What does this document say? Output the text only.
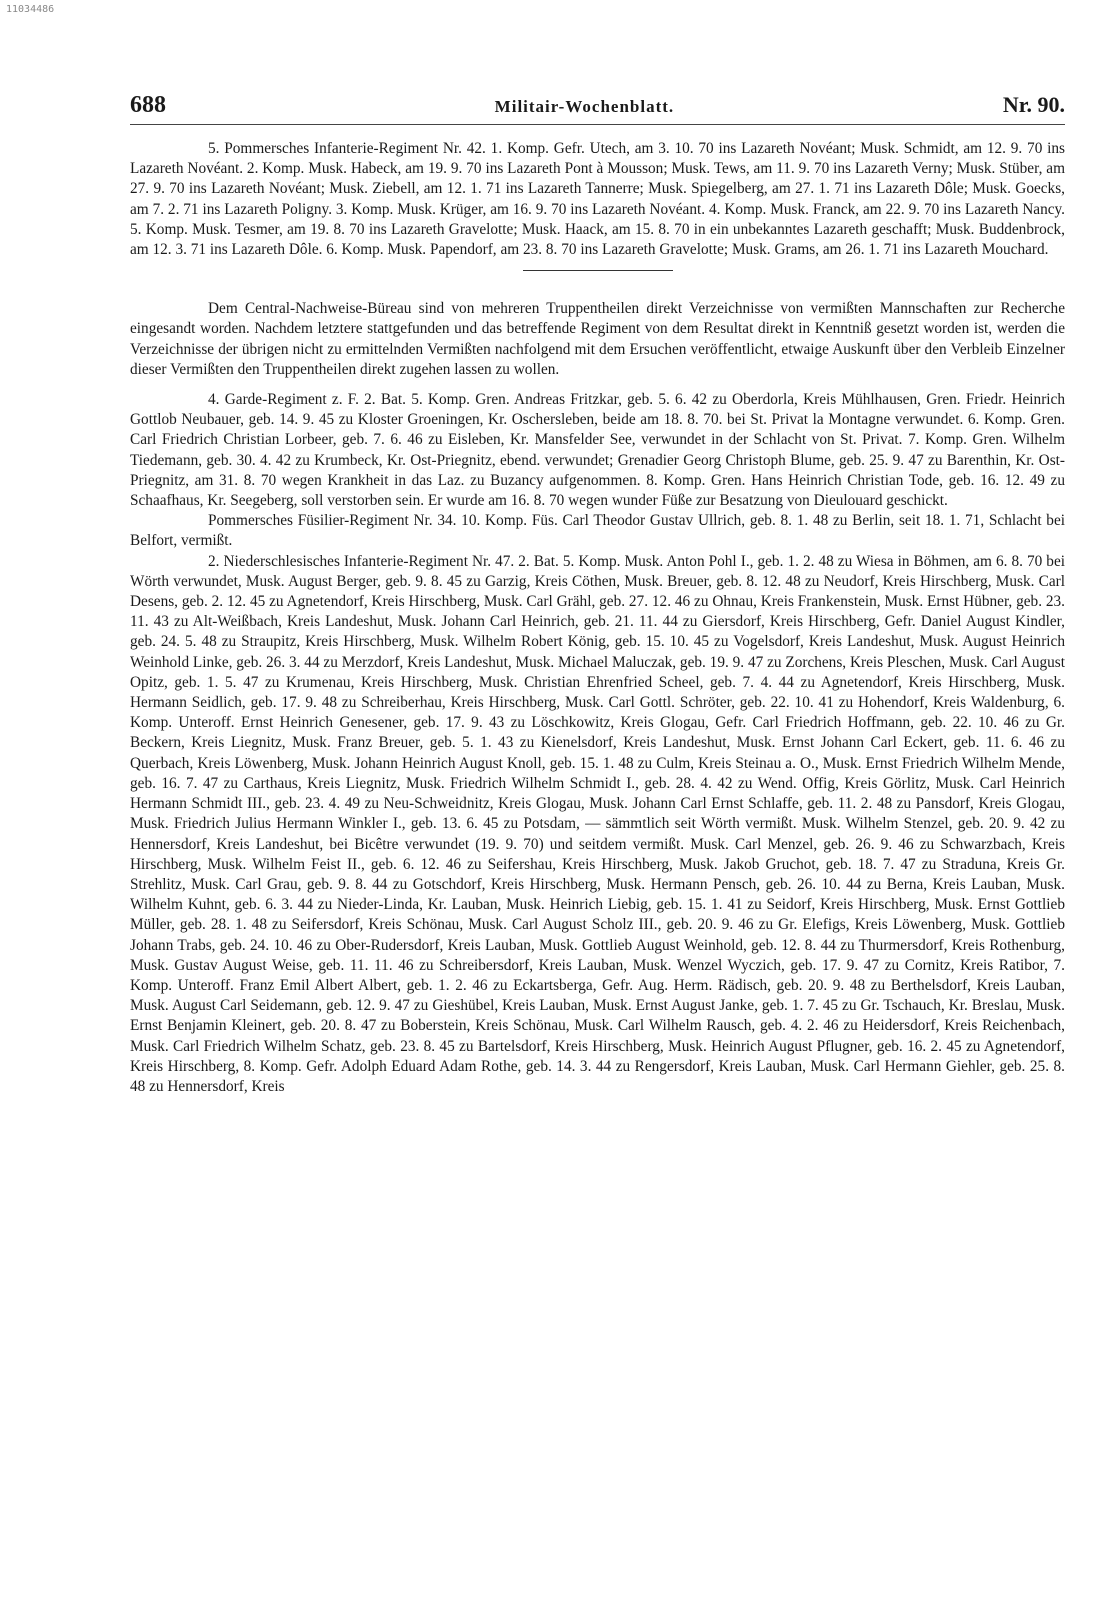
11034486
688	Militair-Wochenblatt.	Nr. 90.

5. Pommersches Infanterie-Regiment Nr. 42. 1. Komp. Gefr. Utech, am 3. 10. 70 ins Lazareth Novéant; Musk. Schmidt, am 12. 9. 70 ins Lazareth Novéant. 2. Komp. Musk. Habeck, am 19. 9. 70 ins Lazareth Pont à Mousson; Musk. Tews, am 11. 9. 70 ins Lazareth Verny; Musk. Stüber, am 27. 9. 70 ins Lazareth Novéant; Musk. Ziebell, am 12. 1. 71 ins Lazareth Tannerre; Musk. Spiegelberg, am 27. 1. 71 ins Lazareth Dôle; Musk. Goecks, am 7. 2. 71 ins Lazareth Poligny. 3. Komp. Musk. Krüger, am 16. 9. 70 ins Lazareth Novéant. 4. Komp. Musk. Franck, am 22. 9. 70 ins Lazareth Nancy. 5. Komp. Musk. Tesmer, am 19. 8. 70 ins Lazareth Gravelotte; Musk. Haack, am 15. 8. 70 in ein unbekanntes Lazareth geschafft; Musk. Buddenbrock, am 12. 3. 71 ins Lazareth Dôle. 6. Komp. Musk. Papendorf, am 23. 8. 70 ins Lazareth Gravelotte; Musk. Grams, am 26. 1. 71 ins Lazareth Mouchard.

Dem Central-Nachweise-Büreau sind von mehreren Truppentheilen direkt Verzeichnisse von vermißten Mannschaften zur Recherche eingesandt worden. Nachdem letztere stattgefunden und das betreffende Regiment von dem Resultat direkt in Kenntniß gesetzt worden ist, werden die Verzeichnisse der übrigen nicht zu ermittelnden Vermißten nachfolgend mit dem Ersuchen veröffentlicht, etwaige Auskunft über den Verbleib Einzelner dieser Vermißten den Truppentheilen direkt zugehen lassen zu wollen.

4. Garde-Regiment z. F. 2. Bat. 5. Komp. Gren. Andreas Fritzkar, geb. 5. 6. 42 zu Oberdorla, Kreis Mühlhausen, Gren. Friedr. Heinrich Gottlob Neubauer, geb. 14. 9. 45 zu Kloster Groeningen, Kr. Oschersleben, beide am 18. 8. 70. bei St. Privat la Montagne verwundet. 6. Komp. Gren. Carl Friedrich Christian Lorbeer, geb. 7. 6. 46 zu Eisleben, Kr. Mansfelder See, verwundet in der Schlacht von St. Privat. 7. Komp. Gren. Wilhelm Tiedemann, geb. 30. 4. 42 zu Krumbeck, Kr. Ost-Priegnitz, ebend. verwundet; Grenadier Georg Christoph Blume, geb. 25. 9. 47 zu Barenthin, Kr. Ost-Priegnitz, am 31. 8. 70 wegen Krankheit in das Laz. zu Buzancy aufgenommen. 8. Komp. Gren. Hans Heinrich Christian Tode, geb. 16. 12. 49 zu Schaafhaus, Kr. Seegeberg, soll verstorben sein. Er wurde am 16. 8. 70 wegen wunder Füße zur Besatzung von Dieulouard geschickt.

Pommersches Füsilier-Regiment Nr. 34. 10. Komp. Füs. Carl Theodor Gustav Ullrich, geb. 8. 1. 48 zu Berlin, seit 18. 1. 71, Schlacht bei Belfort, vermißt.

2. Niederschlesisches Infanterie-Regiment Nr. 47. 2. Bat. 5. Komp. Musk. Anton Pohl I., geb. 1. 2. 48 zu Wiesa in Böhmen, am 6. 8. 70 bei Wörth verwundet, Musk. August Berger, geb. 9. 8. 45 zu Garzig, Kreis Cöthen, Musk. Breuer, geb. 8. 12. 48 zu Neudorf, Kreis Hirschberg, Musk. Carl Desens, geb. 2. 12. 45 zu Agnetendorf, Kreis Hirschberg, Musk. Carl Grähl, geb. 27. 12. 46 zu Ohnau, Kreis Frankenstein, Musk. Ernst Hübner, geb. 23. 11. 43 zu Alt-Weißbach, Kreis Landeshut, Musk. Johann Carl Heinrich, geb. 21. 11. 44 zu Giersdorf, Kreis Hirschberg, Gefr. Daniel August Kindler, geb. 24. 5. 48 zu Straupitz, Kreis Hirschberg, Musk. Wilhelm Robert König, geb. 15. 10. 45 zu Vogelsdorf, Kreis Landeshut, Musk. August Heinrich Weinhold Linke, geb. 26. 3. 44 zu Merzdorf, Kreis Landeshut, Musk. Michael Maluczak, geb. 19. 9. 47 zu Zorchens, Kreis Pleschen, Musk. Carl August Opitz, geb. 1. 5. 47 zu Krumenau, Kreis Hirschberg, Musk. Christian Ehrenfried Scheel, geb. 7. 4. 44 zu Agnetendorf, Kreis Hirschberg, Musk. Hermann Seidlich, geb. 17. 9. 48 zu Schreiberhau, Kreis Hirschberg, Musk. Carl Gottl. Schröter, geb. 22. 10. 41 zu Hohendorf, Kreis Waldenburg, 6. Komp. Unteroff. Ernst Heinrich Genesener, geb. 17. 9. 43 zu Löschkowitz, Kreis Glogau, Gefr. Carl Friedrich Hoffmann, geb. 22. 10. 46 zu Gr. Beckern, Kreis Liegnitz, Musk. Franz Breuer, geb. 5. 1. 43 zu Kienelsdorf, Kreis Landeshut, Musk. Ernst Johann Carl Eckert, geb. 11. 6. 46 zu Querbach, Kreis Löwenberg, Musk. Johann Heinrich August Knoll, geb. 15. 1. 48 zu Culm, Kreis Steinau a. O., Musk. Ernst Friedrich Wilhelm Mende, geb. 16. 7. 47 zu Carthaus, Kreis Liegnitz, Musk. Friedrich Wilhelm Schmidt I., geb. 28. 4. 42 zu Wend. Offig, Kreis Görlitz, Musk. Carl Heinrich Hermann Schmidt III., geb. 23. 4. 49 zu Neu-Schweidnitz, Kreis Glogau, Musk. Johann Carl Ernst Schlaffe, geb. 11. 2. 48 zu Pansdorf, Kreis Glogau, Musk. Friedrich Julius Hermann Winkler I., geb. 13. 6. 45 zu Potsdam, — sämmtlich seit Wörth vermißt. Musk. Wilhelm Stenzel, geb. 20. 9. 42 zu Hennersdorf, Kreis Landeshut, bei Bicêtre verwundet (19. 9. 70) und seitdem vermißt. Musk. Carl Menzel, geb. 26. 9. 46 zu Schwarzbach, Kreis Hirschberg, Musk. Wilhelm Feist II., geb. 6. 12. 46 zu Seifershau, Kreis Hirschberg, Musk. Jakob Gruchot, geb. 18. 7. 47 zu Stradunа, Kreis Gr. Strehlitz, Musk. Carl Grau, geb. 9. 8. 44 zu Gotschdorf, Kreis Hirschberg, Musk. Hermann Pensch, geb. 26. 10. 44 zu Berna, Kreis Lauban, Musk. Wilhelm Kuhnt, geb. 6. 3. 44 zu Nieder-Linda, Kr. Lauban, Musk. Heinrich Liebig, geb. 15. 1. 41 zu Seidorf, Kreis Hirschberg, Musk. Ernst Gottlieb Müller, geb. 28. 1. 48 zu Seifersdorf, Kreis Schönau, Musk. Carl August Scholz III., geb. 20. 9. 46 zu Gr. Elefigs, Kreis Löwenberg, Musk. Gottlieb Johann Trabs, geb. 24. 10. 46 zu Ober-Rudersdorf, Kreis Lauban, Musk. Gottlieb August Weinhold, geb. 12. 8. 44 zu Thurmersdorf, Kreis Rothenburg, Musk. Gustav August Weise, geb. 11. 11. 46 zu Schreibersdorf, Kreis Lauban, Musk. Wenzel Wyczich, geb. 17. 9. 47 zu Cornitz, Kreis Ratibor, 7. Komp. Unteroff. Franz Emil Albert Albert, geb. 1. 2. 46 zu Eckartsberga, Gefr. Aug. Herm. Rädisch, geb. 20. 9. 48 zu Berthelsdorf, Kreis Lauban, Musk. August Carl Seidemann, geb. 12. 9. 47 zu Gieshübel, Kreis Lauban, Musk. Ernst August Janke, geb. 1. 7. 45 zu Gr. Tschauch, Kr. Breslau, Musk. Ernst Benjamin Kleinert, geb. 20. 8. 47 zu Boberstein, Kreis Schönau, Musk. Carl Wilhelm Rausch, geb. 4. 2. 46 zu Heidersdorf, Kreis Reichenbach, Musk. Carl Friedrich Wilhelm Schatz, geb. 23. 8. 45 zu Bartelsdorf, Kreis Hirschberg, Musk. Heinrich August Pflugner, geb. 16. 2. 45 zu Agnetendorf, Kreis Hirschberg, 8. Komp. Gefr. Adolph Eduard Adam Rothe, geb. 14. 3. 44 zu Rengersdorf, Kreis Lauban, Musk. Carl Hermann Giehler, geb. 25. 8. 48 zu Hennersdorf, Kreis
